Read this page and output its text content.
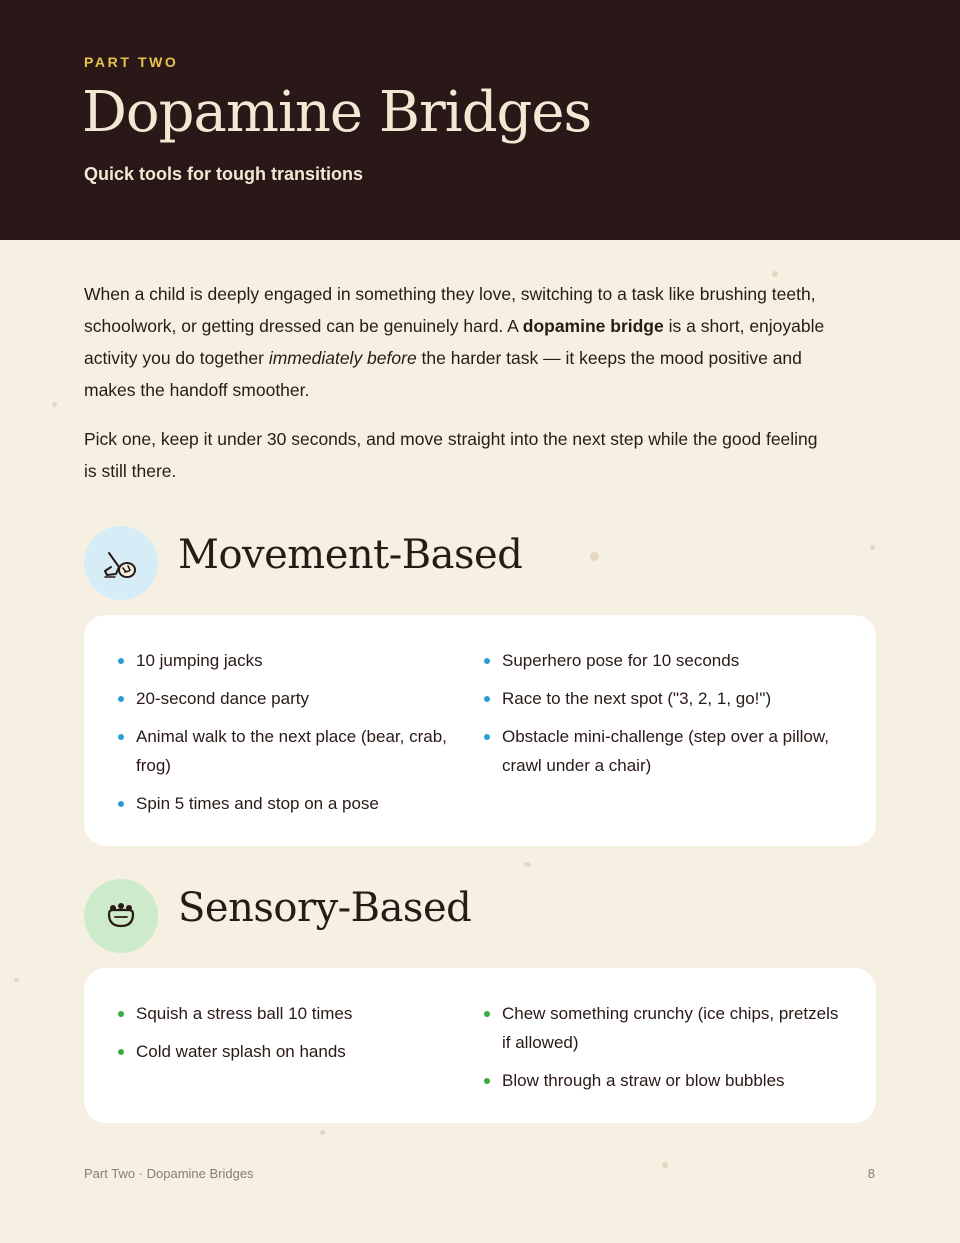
PART TWO
Dopamine Bridges
Quick tools for tough transitions

When a child is deeply engaged in something they love, switching to a task like brushing teeth, schoolwork, or getting dressed can be genuinely hard. A dopamine bridge is a short, enjoyable activity you do together immediately before the harder task — it keeps the mood positive and makes the handoff smoother.

Pick one, keep it under 30 seconds, and move straight into the next step while the good feeling is still there.

Movement-Based
10 jumping jacks
20-second dance party
Animal walk to the next place (bear, crab, frog)
Spin 5 times and stop on a pose
Superhero pose for 10 seconds
Race to the next spot ("3, 2, 1, go!")
Obstacle mini-challenge (step over a pillow, crawl under a chair)
Sensory-Based
Squish a stress ball 10 times
Cold water splash on hands
Chew something crunchy (ice chips, pretzels if allowed)
Blow through a straw or blow bubbles
Part Two · Dopamine Bridges	8
